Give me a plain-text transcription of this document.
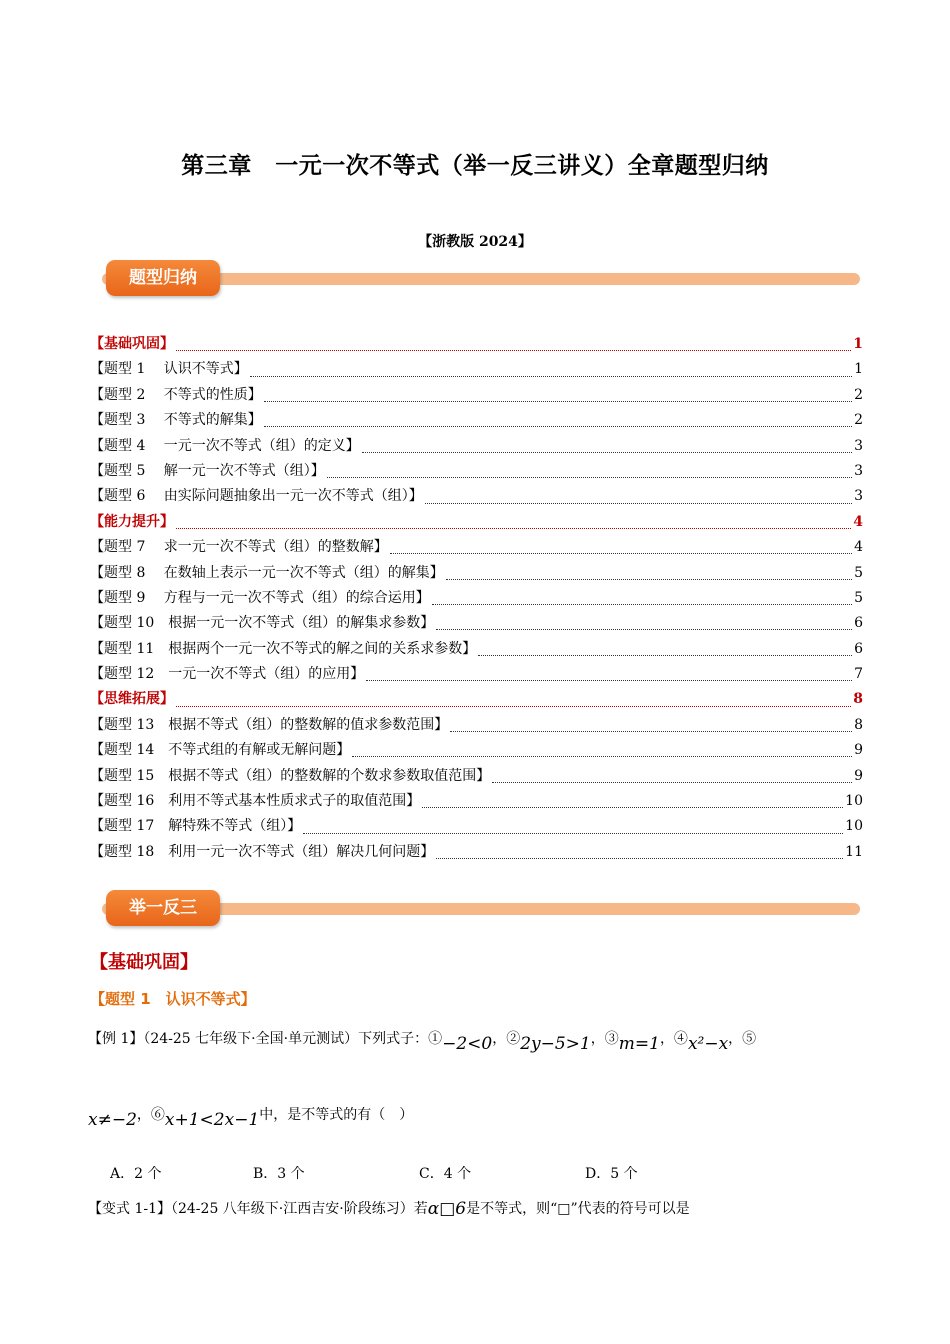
第三章　一元一次不等式（举一反三讲义）全章题型归纳
【浙教版 2024】
题型归纳
【基础巩固】	1
【题型 1　 认识不等式】	1
【题型 2　 不等式的性质】	2
【题型 3　 不等式的解集】	2
【题型 4　 一元一次不等式（组）的定义】	3
【题型 5　 解一元一次不等式（组）】	3
【题型 6　 由实际问题抽象出一元一次不等式（组）】	3
【能力提升】	4
【题型 7　 求一元一次不等式（组）的整数解】	4
【题型 8　 在数轴上表示一元一次不等式（组）的解集】	5
【题型 9　 方程与一元一次不等式（组）的综合运用】	5
【题型 10　根据一元一次不等式（组）的解集求参数】	6
【题型 11　根据两个一元一次不等式的解之间的关系求参数】	6
【题型 12　一元一次不等式（组）的应用】	7
【思维拓展】	8
【题型 13　根据不等式（组）的整数解的值求参数范围】	8
【题型 14　不等式组的有解或无解问题】	9
【题型 15　根据不等式（组）的整数解的个数求参数取值范围】	9
【题型 16　利用不等式基本性质求式子的取值范围】	10
【题型 17　解特殊不等式（组）】	10
【题型 18　利用一元一次不等式（组）解决几何问题】	11
举一反三
【基础巩固】
【题型 1　认识不等式】
【例 1】（24-25 七年级下·全国·单元测试）下列式子：①−2<0，②2y−5>1，③m=1，④x²−x，⑤
x≠−2，⑥x+1<2x−1中，是不等式的有（　）
A．2 个	B．3 个	C．4 个	D．5 个
【变式 1-1】（24-25 八年级下·江西吉安·阶段练习）若α□6是不等式，则“□”代表的符号可以是
